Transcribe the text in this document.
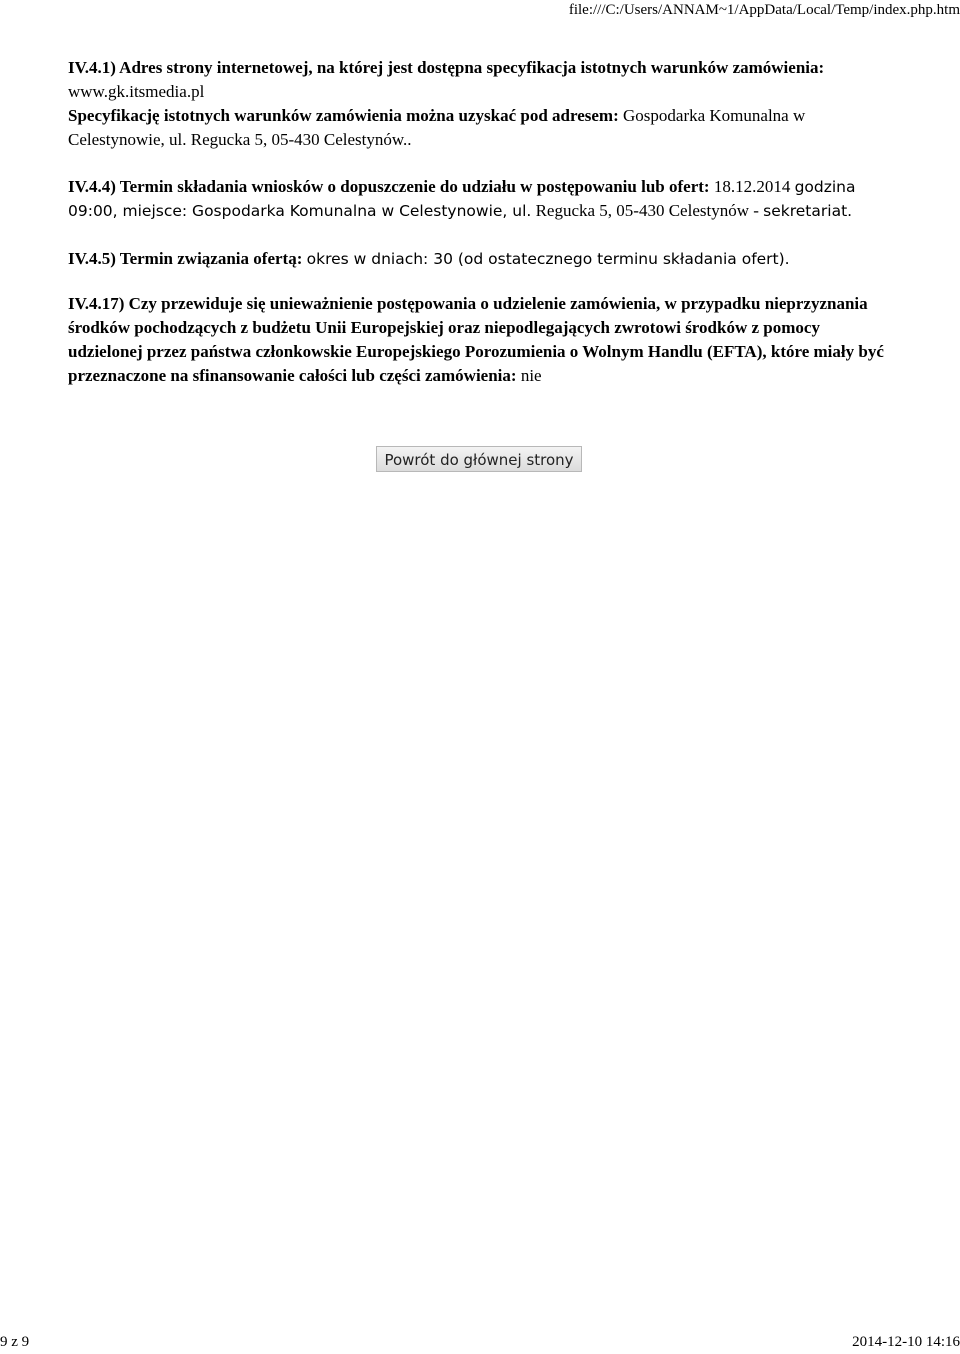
file:///C:/Users/ANNAM~1/AppData/Local/Temp/index.php.htm
IV.4.1) Adres strony internetowej, na której jest dostępna specyfikacja istotnych warunków zamówienia: www.gk.itsmedia.pl
Specyfikację istotnych warunków zamówienia można uzyskać pod adresem: Gospodarka Komunalna w Celestynowie, ul. Regucka 5, 05-430 Celestynów..
IV.4.4) Termin składania wniosków o dopuszczenie do udziału w postępowaniu lub ofert: 18.12.2014 godzina 09:00, miejsce: Gospodarka Komunalna w Celestynowie, ul. Regucka 5, 05-430 Celestynów - sekretariat.
IV.4.5) Termin związania ofertą: okres w dniach: 30 (od ostatecznego terminu składania ofert).
IV.4.17) Czy przewiduje się unieważnienie postępowania o udzielenie zamówienia, w przypadku nieprzyznania środków pochodzących z budżetu Unii Europejskiej oraz niepodlegających zwrotowi środków z pomocy udzielonej przez państwa członkowskie Europejskiego Porozumienia o Wolnym Handlu (EFTA), które miały być przeznaczone na sfinansowanie całości lub części zamówienia: nie
Powrót do głównej strony
9 z 9	2014-12-10 14:16
